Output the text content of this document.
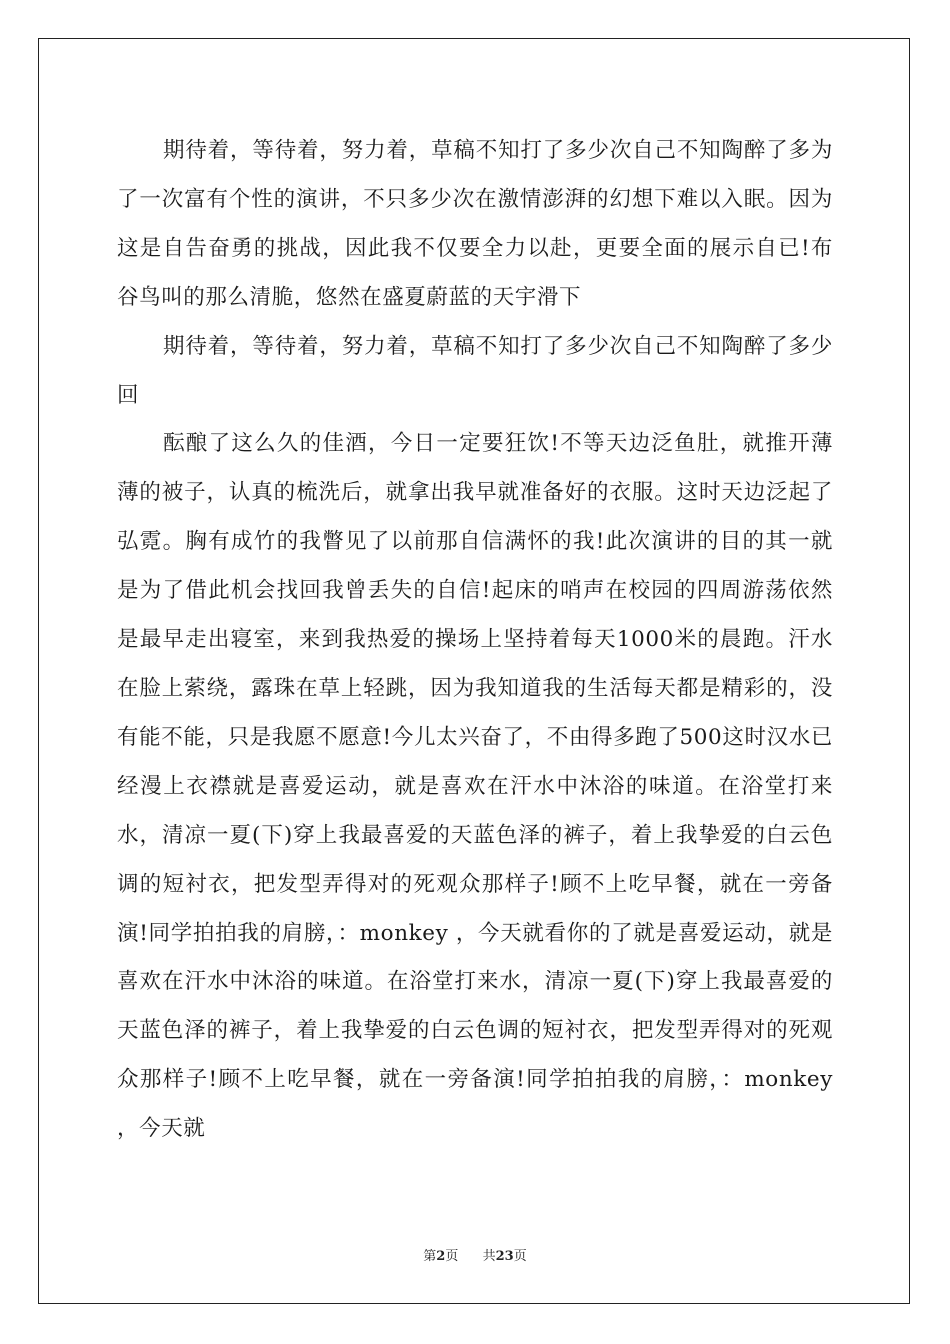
期待着，等待着，努力着，草稿不知打了多少次自己不知陶醉了多为了一次富有个性的演讲，不只多少次在激情澎湃的幻想下难以入眠。因为这是自告奋勇的挑战，因此我不仅要全力以赴，更要全面的展示自已!布谷鸟叫的那么清脆，悠然在盛夏蔚蓝的天宇滑下

期待着，等待着，努力着，草稿不知打了多少次自己不知陶醉了多少回

酝酿了这么久的佳酒，今日一定要狂饮!不等天边泛鱼肚，就推开薄薄的被子，认真的梳洗后，就拿出我早就准备好的衣服。这时天边泛起了弘霓。胸有成竹的我瞥见了以前那自信满怀的我!此次演讲的目的其一就是为了借此机会找回我曾丢失的自信!起床的哨声在校园的四周游荡依然是最早走出寝室，来到我热爱的操场上坚持着每天1000米的晨跑。汗水在脸上萦绕，露珠在草上轻跳，因为我知道我的生活每天都是精彩的，没有能不能，只是我愿不愿意!今儿太兴奋了，不由得多跑了500这时汉水已经漫上衣襟就是喜爱运动，就是喜欢在汗水中沐浴的味道。在浴堂打来水，清凉一夏(下)穿上我最喜爱的天蓝色泽的裤子，着上我挚爱的白云色调的短衬衣，把发型弄得对的死观众那样子!顾不上吃早餐，就在一旁备演!同学拍拍我的肩膀，：monkey ，今天就看你的了就是喜爱运动，就是喜欢在汗水中沐浴的味道。在浴堂打来水，清凉一夏(下)穿上我最喜爱的天蓝色泽的裤子，着上我挚爱的白云色调的短衬衣，把发型弄得对的死观众那样子!顾不上吃早餐，就在一旁备演!同学拍拍我的肩膀，：monkey ，今天就

第2页 共23页
